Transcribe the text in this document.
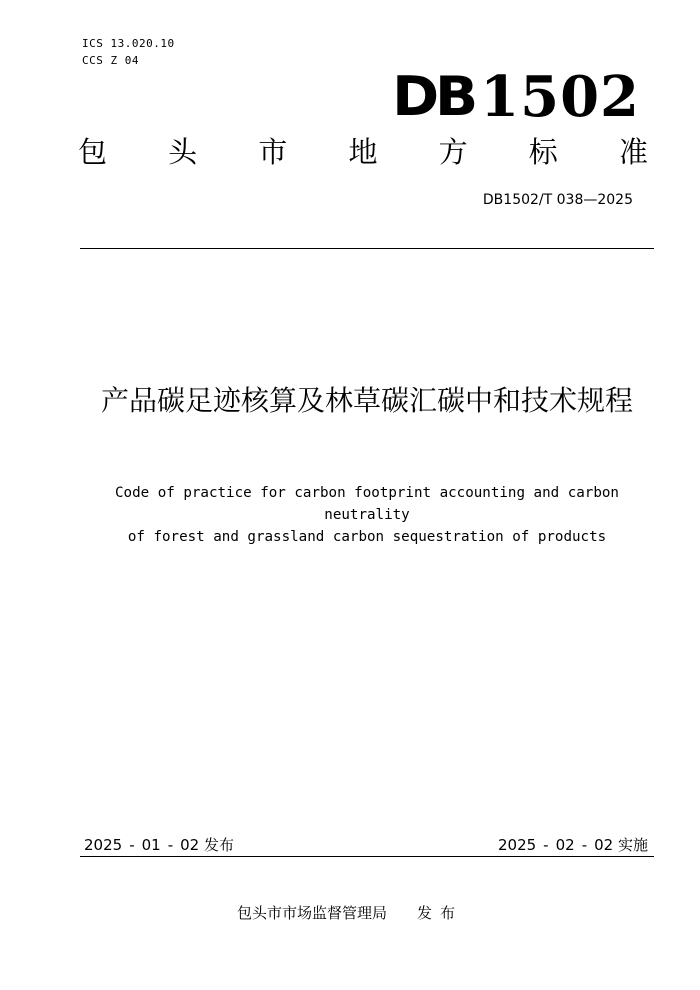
ICS 13.020.10
CCS Z 04
DB 1502
包 头 市 地 方 标 准
DB1502/T 038—2025
产品碳足迹核算及林草碳汇碳中和技术规程
Code of practice for carbon footprint accounting and carbon neutrality
of forest and grassland carbon sequestration of products
2025 - 01 - 02 发布	2025 - 02 - 02 实施
包头市市场监督管理局 发布
